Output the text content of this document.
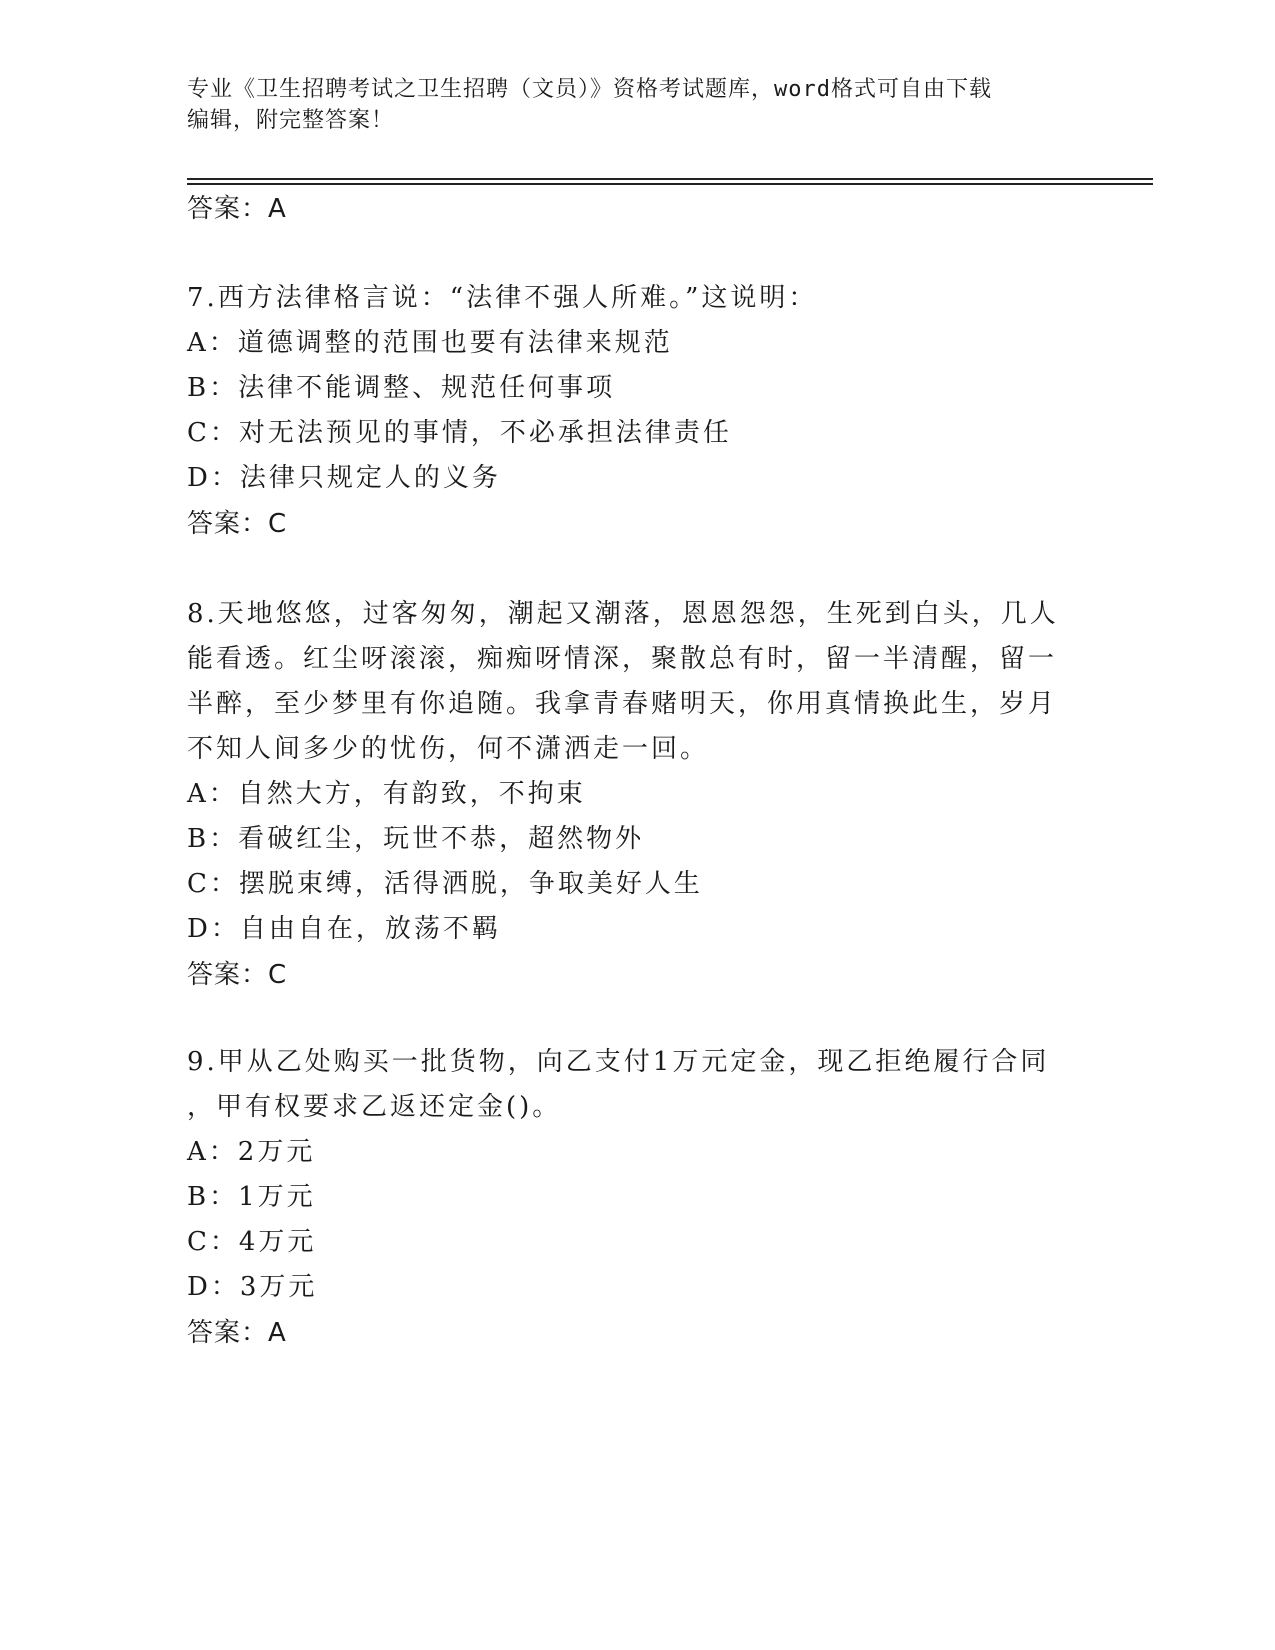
专业《卫生招聘考试之卫生招聘（文员）》资格考试题库，word格式可自由下载
编辑，附完整答案！
答案：A
7.西方法律格言说：“法律不强人所难。”这说明：
A：道德调整的范围也要有法律来规范
B：法律不能调整、规范任何事项
C：对无法预见的事情，不必承担法律责任
D：法律只规定人的义务
答案：C
8.天地悠悠，过客匆匆，潮起又潮落，恩恩怨怨，生死到白头，几人
能看透。红尘呀滚滚，痴痴呀情深，聚散总有时，留一半清醒，留一
半醉，至少梦里有你追随。我拿青春赌明天，你用真情换此生，岁月
不知人间多少的忧伤，何不潇洒走一回。
A：自然大方，有韵致，不拘束
B：看破红尘，玩世不恭，超然物外
C：摆脱束缚，活得洒脱，争取美好人生
D：自由自在，放荡不羁
答案：C
9.甲从乙处购买一批货物，向乙支付1万元定金，现乙拒绝履行合同
，甲有权要求乙返还定金()。
A：2万元
B：1万元
C：4万元
D：3万元
答案：A
